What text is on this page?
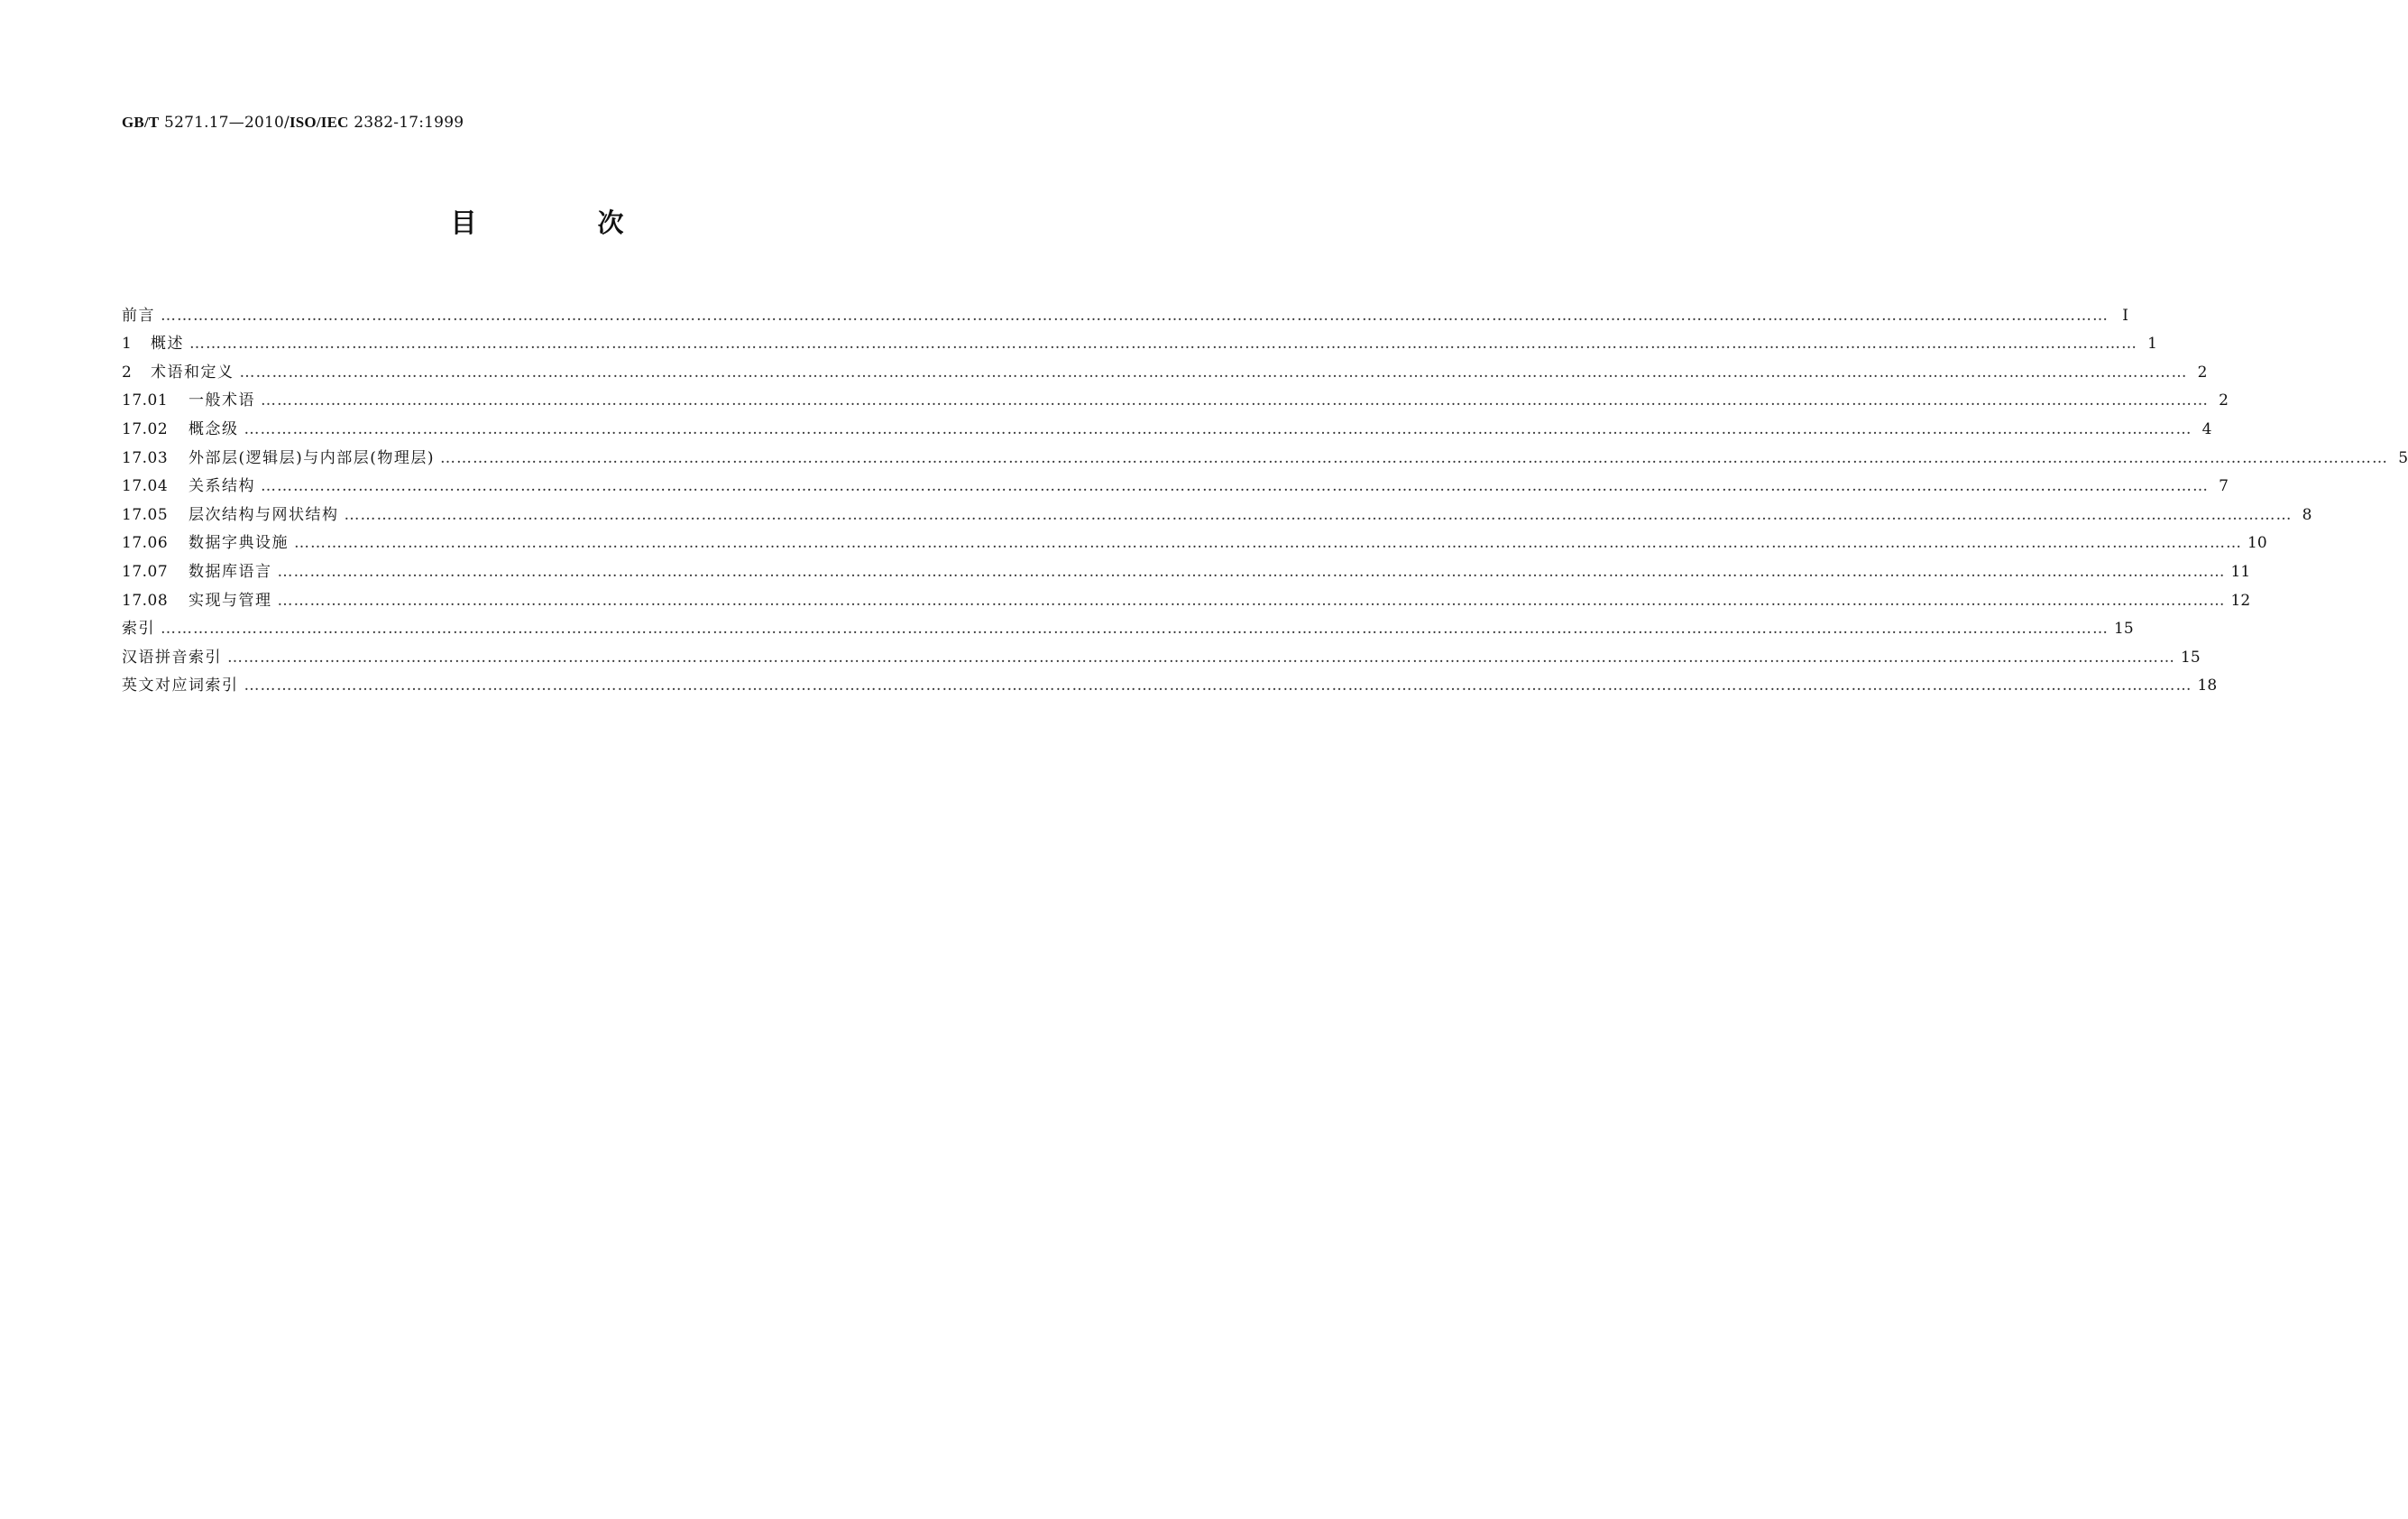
GB/T 5271.17—2010/ISO/IEC 2382-17:1999
目 次
前言 ……………………………………………………………………………………………………………………………………………………………………………………………………………………………………………………………………………………………………………………………… Ⅰ
1	概述 ……………………………………………………………………………………………………………………………………………………………………………………………………………………………………………………………………………………………………………………………… 1
2	术语和定义 ……………………………………………………………………………………………………………………………………………………………………………………………………………………………………………………………………………………………………………………………… 2
17.01	一般术语 ……………………………………………………………………………………………………………………………………………………………………………………………………………………………………………………………………………………………………………………………… 2
17.02	概念级 ……………………………………………………………………………………………………………………………………………………………………………………………………………………………………………………………………………………………………………………………… 4
17.03	外部层(逻辑层)与内部层(物理层) ……………………………………………………………………………………………………………………………………………………………………………………………………………………………………………………………………………………………………………………………… 5
17.04	关系结构 ……………………………………………………………………………………………………………………………………………………………………………………………………………………………………………………………………………………………………………………………… 7
17.05	层次结构与网状结构 ……………………………………………………………………………………………………………………………………………………………………………………………………………………………………………………………………………………………………………………………… 8
17.06	数据字典设施 ……………………………………………………………………………………………………………………………………………………………………………………………………………………………………………………………………………………………………………………………… 10
17.07	数据库语言 ……………………………………………………………………………………………………………………………………………………………………………………………………………………………………………………………………………………………………………………………… 11
17.08	实现与管理 ……………………………………………………………………………………………………………………………………………………………………………………………………………………………………………………………………………………………………………………………… 12
索引 ……………………………………………………………………………………………………………………………………………………………………………………………………………………………………………………………………………………………………………………………… 15
汉语拼音索引 ……………………………………………………………………………………………………………………………………………………………………………………………………………………………………………………………………………………………………………………………… 15
英文对应词索引 ……………………………………………………………………………………………………………………………………………………………………………………………………………………………………………………………………………………………………………………………… 18
